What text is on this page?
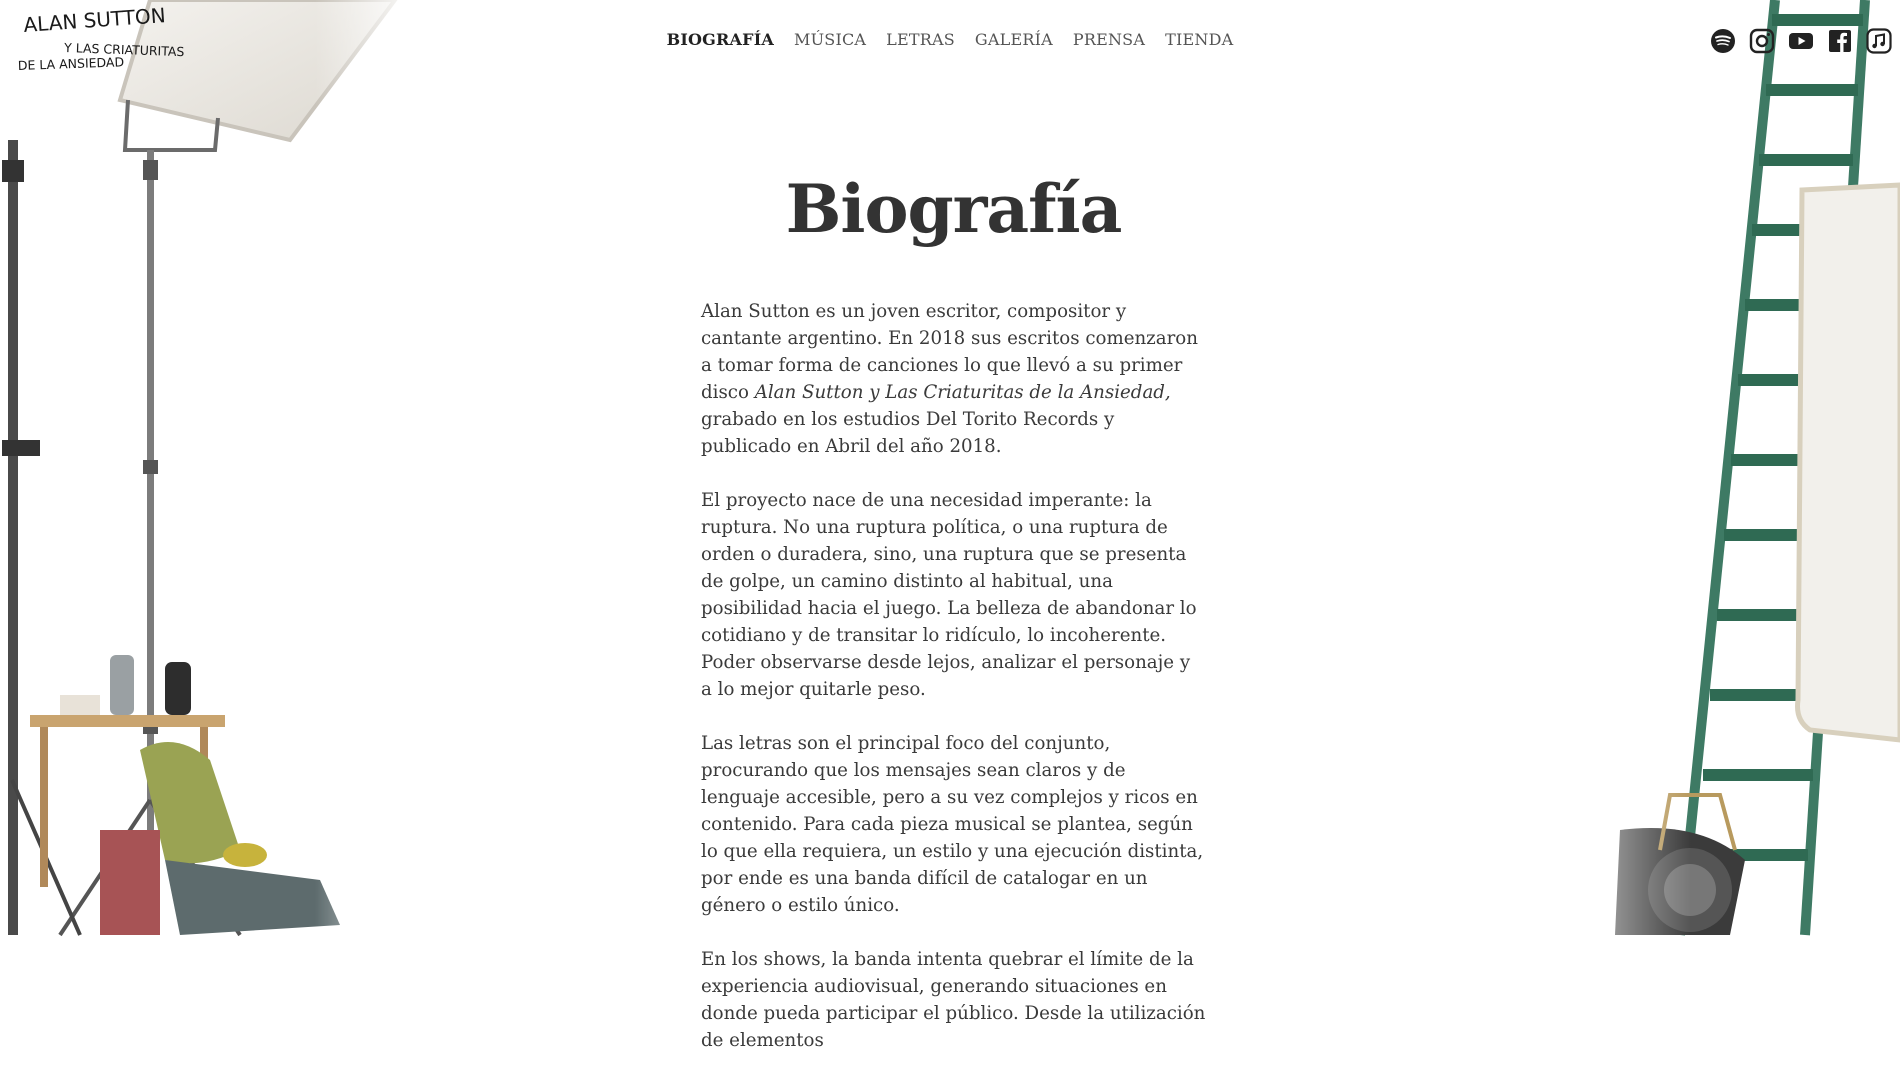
ALAN SUTTON
Y LAS CRIATURITAS
DE LA ANSIEDAD
BIOGRAFÍA MÚSICA LETRAS GALERÍA PRENSA TIENDA
Biografía

Alan Sutton es un joven escritor, compositor y cantante argentino. En 2018 sus escritos comenzaron a tomar forma de canciones lo que llevó a su primer disco Alan Sutton y Las Criaturitas de la Ansiedad, grabado en los estudios Del Torito Records y publicado en Abril del año 2018.

El proyecto nace de una necesidad imperante: la ruptura. No una ruptura política, o una ruptura de orden o duradera, sino, una ruptura que se presenta de golpe, un camino distinto al habitual, una posibilidad hacia el juego. La belleza de abandonar lo cotidiano y de transitar lo ridículo, lo incoherente. Poder observarse desde lejos, analizar el personaje y a lo mejor quitarle peso.

Las letras son el principal foco del conjunto, procurando que los mensajes sean claros y de lenguaje accesible, pero a su vez complejos y ricos en contenido. Para cada pieza musical se plantea, según lo que ella requiera, un estilo y una ejecución distinta, por ende es una banda difícil de catalogar en un género o estilo único.

En los shows, la banda intenta quebrar el límite de la experiencia audiovisual, generando situaciones en donde pueda participar el público. Desde la utilización de elementos
